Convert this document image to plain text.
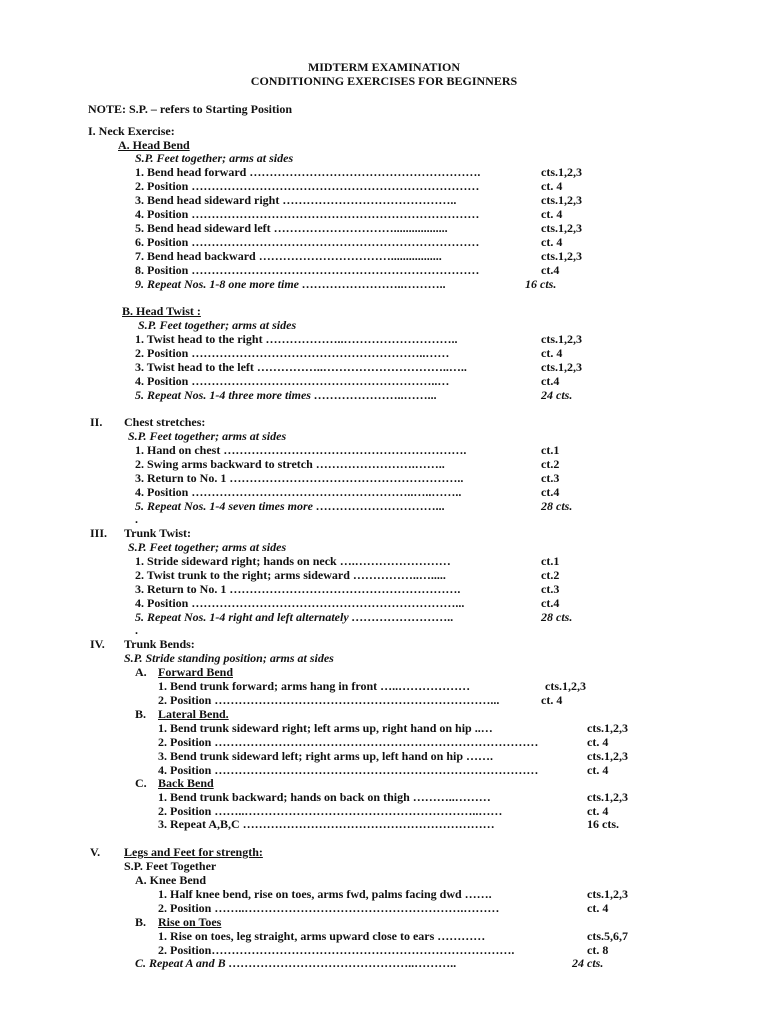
MIDTERM EXAMINATION
CONDITIONING EXERCISES FOR BEGINNERS
NOTE: S.P. – refers to Starting Position
I. Neck Exercise:
A. Head Bend
S.P. Feet together; arms at sides
1. Bend head forward ………………………………………………….	cts.1,2,3
2. Position ………………………………………………………………	ct. 4
3. Bend head sideward right ……………………………………..	cts.1,2,3
4. Position ………………………………………………………………	ct. 4
5. Bend head sideward left …………………………..................	cts.1,2,3
6. Position ………………………………………………………………	ct. 4
7. Bend head backward …………………………….................	cts.1,2,3
8. Position ………………………………………………………………	ct.4
9. Repeat Nos. 1-8 one more time ……………………..………..	16 cts.
B. Head Twist :
S.P. Feet together; arms at sides
1. Twist head to the right ………………..………………………..	cts.1,2,3
2. Position …………………………………………………..……	ct. 4
3. Twist head to the left ……………..…………………………..…..	cts.1,2,3
4. Position ……………………………………………………..…	ct.4
5. Repeat Nos. 1-4 three more times …………………..……...	24 cts.
II. Chest stretches:
S.P. Feet together; arms at sides
1. Hand on chest …………………………………………………….	ct.1
2. Swing arms backward to stretch …………………….……..	ct.2
3. Return to No. 1 …………………………………………………..	ct.3
4. Position ………………………………………………..…..……..	ct.4
5. Repeat Nos. 1-4 seven times more …………………………...	28 cts.
.
III. Trunk Twist:
S.P. Feet together; arms at sides
1. Stride sideward right; hands on neck ….……………………	ct.1
2. Twist trunk to the right; arms sideward ……………..….....	ct.2
3. Return to No. 1 ………………………………………………….	ct.3
4. Position …………………………………………………………...	ct.4
5. Repeat Nos. 1-4 right and left alternately ……………………..	28 cts.
.
IV. Trunk Bends:
S.P. Stride standing position; arms at sides
A. Forward Bend
1. Bend trunk forward; arms hang in front …..………………	cts.1,2,3
2. Position ……………………………………………………………...	ct. 4
B. Lateral Bend.
1. Bend trunk sideward right; left arms up, right hand on hip ..…	cts.1,2,3
2. Position ………………………………………………………………………	ct. 4
3. Bend trunk sideward left; right arms up, left hand on hip …….	cts.1,2,3
4. Position ………………………………………………………………………	ct. 4
C. Back Bend
1. Bend trunk backward; hands on back on thigh ………..………	cts.1,2,3
2. Position ……..…………………………………………………..……	ct. 4
3. Repeat A,B,C ………………………………………………………	16 cts.
V. Legs and Feet for strength:
S.P. Feet Together
A. Knee Bend
1. Half knee bend, rise on toes, arms fwd, palms facing dwd …….	cts.1,2,3
2. Position ……..……………………………………………….………	ct. 4
B. Rise on Toes
1. Rise on toes, leg straight, arms upward close to ears …………	cts.5,6,7
2. Position………………………………………………………………….	ct. 8
C. Repeat A and B ………………………………………..………..	24 cts.
